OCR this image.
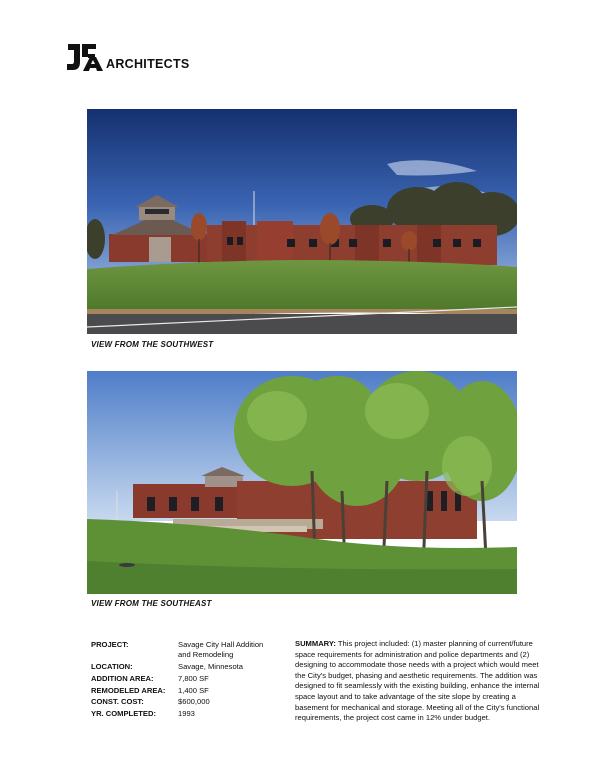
ARCHITECTS
VIEW FROM THE SOUTHWEST
VIEW FROM THE SOUTHEAST
PROJECT:	Savage City Hall Addition and Remodeling
LOCATION:	Savage, Minnesota
ADDITION AREA:	7,800 SF
REMODELED AREA: 1,400 SF
CONST. COST:	$600,000
YR. COMPLETED:	1993
SUMMARY: This project included: (1) master planning of current/future space requirements for administration and police departments and (2) designing to accommodate those needs with a project which would meet the City's budget, phasing and aesthetic requirements. The addition was designed to fit seamlessly with the existing building, enhance the internal space layout and to take advantage of the site slope by creating a basement for mechanical and storage. Meeting all of the City's functional requirements, the project cost came in 12% under budget.
